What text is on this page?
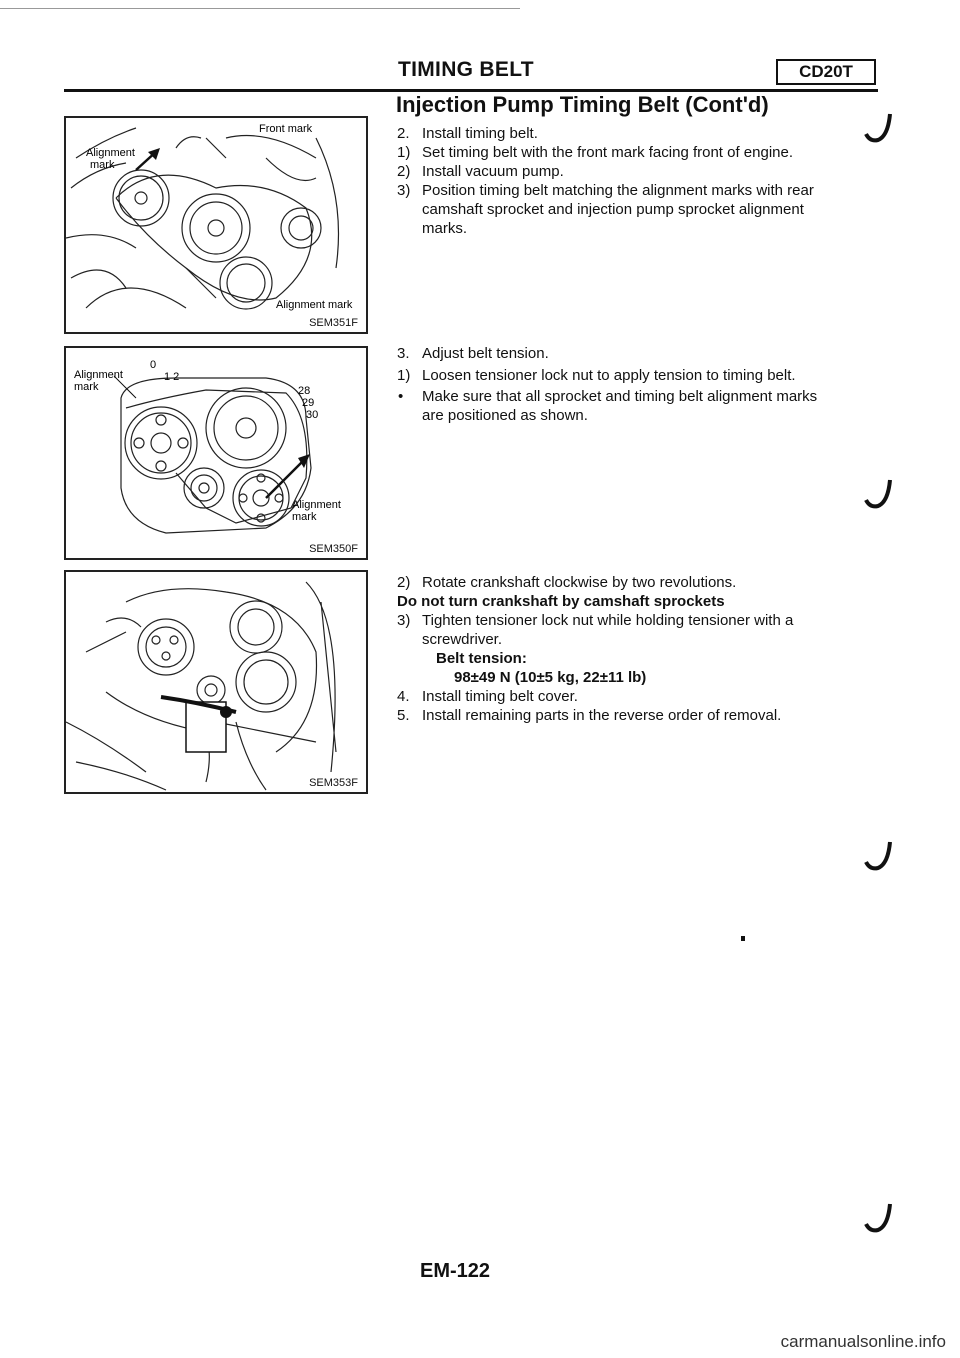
TIMING BELT	CD20T
Injection Pump Timing Belt (Cont'd)
Alignment
mark
Front mark
Alignment mark
SEM351F
Alignment
mark
0
1 2
28
29
30
Alignment
mark
SEM350F
SEM353F
2. Install timing belt.
1) Set timing belt with the front mark facing front of engine.
2) Install vacuum pump.
3) Position timing belt matching the alignment marks with rear
camshaft sprocket and injection pump sprocket alignment
marks.
3. Adjust belt tension.
1) Loosen tensioner lock nut to apply tension to timing belt.
• Make sure that all sprocket and timing belt alignment marks
are positioned as shown.
2) Rotate crankshaft clockwise by two revolutions.
Do not turn crankshaft by camshaft sprockets
3) Tighten tensioner lock nut while holding tensioner with a
screwdriver.
Belt tension:
98±49 N (10±5 kg, 22±11 lb)
4. Install timing belt cover.
5. Install remaining parts in the reverse order of removal.
EM-122
carmanualsonline.info
